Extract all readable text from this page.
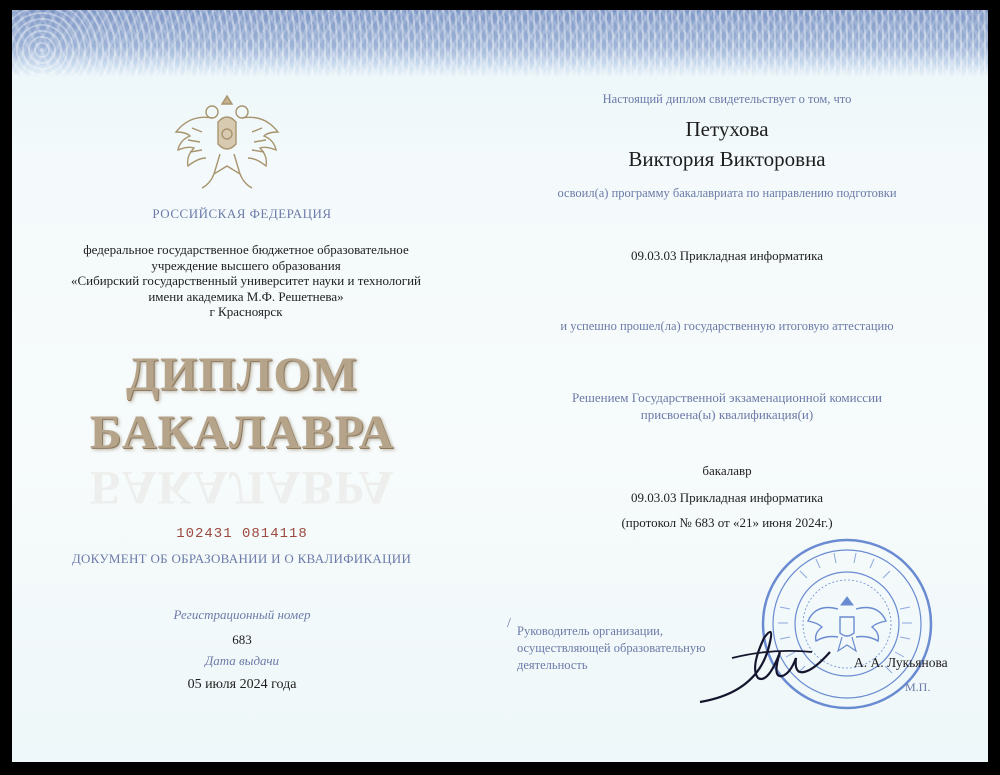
РОССИЙСКАЯ ФЕДЕРАЦИЯ

федеральное государственное бюджетное образовательное
учреждение высшего образования
«Сибирский государственный университет науки и технологий
имени академика М.Ф. Решетнева»
г Красноярск
ДИПЛОМ
БАКАЛАВРА
БАКАЛАВРА

102431 0814118

ДОКУМЕНТ ОБ ОБРАЗОВАНИИ И О КВАЛИФИКАЦИИ

Регистрационный номер

683

Дата выдачи

05 июля 2024 года

Настоящий диплом свидетельствует о том, что

Петухова

Виктория Викторовна

освоил(а) программу бакалавриата по направлению подготовки

09.03.03 Прикладная информатика

и успешно прошел(ла) государственную итоговую аттестацию

Решением Государственной экзаменационной комиссии
присвоена(ы) квалификация(и)

бакалавр

09.03.03 Прикладная информатика

(протокол № 683 от «21» июня 2024г.)

/ Руководитель организации,
осуществляющей образовательную
деятельность	А. А. Лукьянова

М.П.
